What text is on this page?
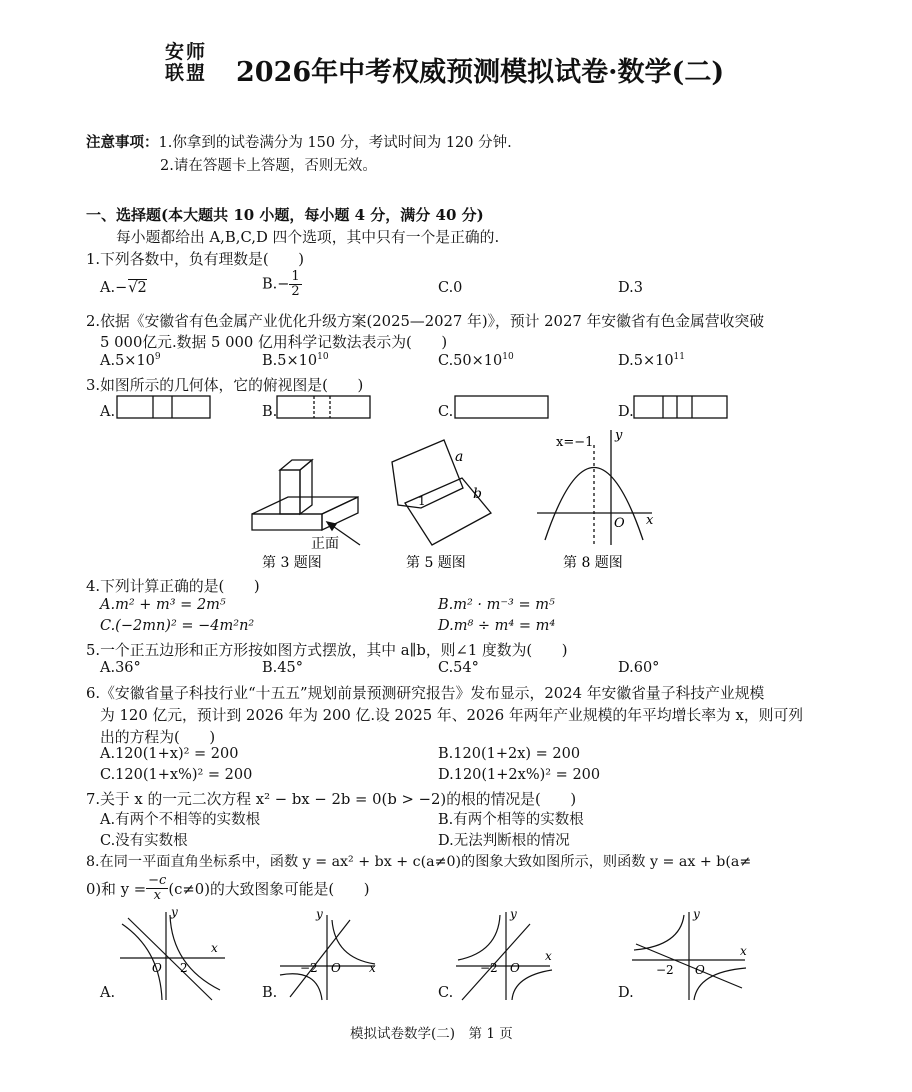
安师
联盟 2026年中考权威预测模拟试卷·数学(二)
注意事项：1.你拿到的试卷满分为 150 分，考试时间为 120 分钟.
2.请在答题卡上答题，否则无效。
一、选择题(本大题共 10 小题，每小题 4 分，满分 40 分)
每小题都给出 A,B,C,D 四个选项，其中只有一个是正确的.
1.下列各数中，负有理数是(　　)
A.−√2	$B.- \frac{1}{2}$	C.0	D.3
2.依据《安徽省有色金属产业优化升级方案(2025—2027 年)》，预计 2027 年安徽省有色金属营收突破
5 000亿元.数据 5 000 亿用科学记数法表示为(　　)
$A.5\times 10^9$	$B.5\times 10^{10}$	$C.50\times 10^{10}$	$D.5\times 10^{11}$
3.如图所示的几何体，它的俯视图是(　　)
A.	B.	C.	D.
正面
第 3 题图
a
b
1
第 5 题图
x=−1 y
x
O
第 8 题图
4.下列计算正确的是(　　)
A.m² + m³ = 2m⁵	B.m² · m⁻³ = m⁵
C.(−2mn)² = −4m²n²	D.m⁸ ÷ m⁴ = m⁴
5.一个正五边形和正方形按如图方式摆放，其中 a∥b，则∠1 度数为(　　)
A.36°	B.45°	C.54°	D.60°
6.《安徽省量子科技行业“十五五”规划前景预测研究报告》发布显示，2024 年安徽省量子科技产业规模
为 120 亿元，预计到 2026 年为 200 亿.设 2025 年、2026 年两年产业规模的年平均增长率为 x，则可列
出的方程为(　　)
A.120(1+x)² = 200	B.120(1+2x) = 200
C.120(1+x%)² = 200	D.120(1+2x%)² = 200
7.关于 x 的一元二次方程 x² − bx − 2b = 0(b > −2)的根的情况是(　　)
A.有两个不相等的实数根	B.有两个相等的实数根
C.没有实数根	D.无法判断根的情况
8.在同一平面直角坐标系中，函数 y = ax² + bx + c(a≠0)的图象大致如图所示，则函数 y = ax + b(a≠
0)和 $y = \frac{-c}{x} (c\ne 0)$的大致图象可能是(　　)
A.	B.	C.	D.
y
x
O 2
y
x
O
−2
y
x
O
−2
y
x
O
−2
模拟试卷数学(二)　第 1 页
